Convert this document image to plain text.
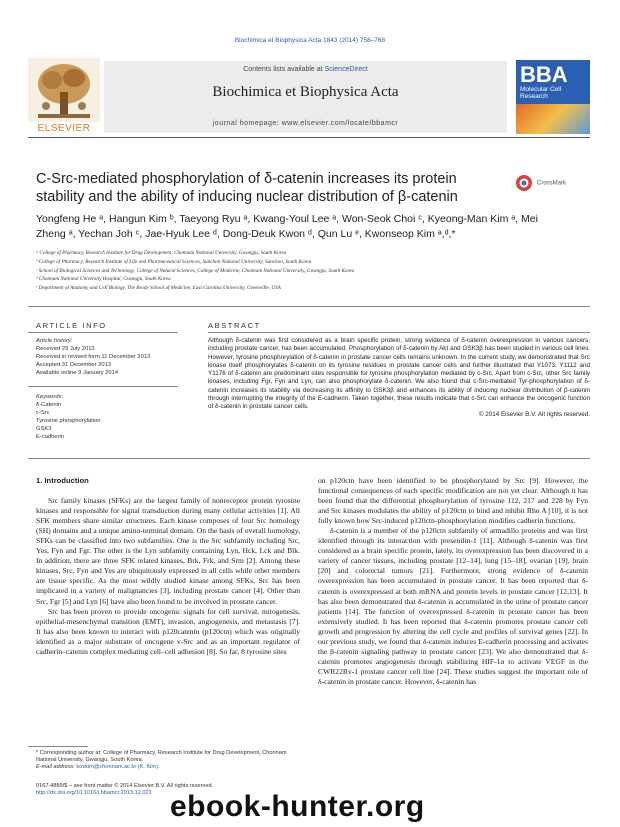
Biochimica et Biophysica Acta 1843 (2014) 758–768
ELSEVIER
Contents lists available at ScienceDirect
Biochimica et Biophysica Acta
journal homepage: www.elsevier.com/locate/bbamcr
BBA
Molecular Cell Research
C-Src-mediated phosphorylation of δ-catenin increases its protein stability and the ability of inducing nuclear distribution of β-catenin
CrossMark
Yongfeng He ᵃ, Hangun Kim ᵇ, Taeyong Ryu ᵃ, Kwang-Youl Lee ᵃ, Won-Seok Choi ᶜ, Kyeong-Man Kim ᵃ, Mei Zheng ᵃ, Yechan Joh ᶜ, Jae-Hyuk Lee ᵈ, Dong-Deuk Kwon ᵈ, Qun Lu ᵉ, Kwonseop Kim ᵃ,ᵈ,*
ᵃ College of Pharmacy, Research Institute for Drug Development, Chonnam National University, Gwangju, South Korea
ᵇ College of Pharmacy, Research Institute of Life and Pharmaceutical Sciences, Sunchon National University, Sunchon, South Korea
ᶜ School of Biological Sciences and Technology, College of Natural Sciences, College of Medicine, Chonnam National University, Gwangju, South Korea
ᵈ Chonnam National University Hospital, Gwangju, South Korea
ᵉ Department of Anatomy and Cell Biology, The Brody School of Medicine, East Carolina University, Greenville, USA
ARTICLE INFO	ABSTRACT
Article history:
Received 29 July 2013
Received in revised form 11 December 2013
Accepted 31 December 2013
Available online 9 January 2014
Keywords:
δ-Catenin
c-Src
Tyrosine phosphorylation
GSK3
E-cadherin
Although δ-catenin was first considered as a brain specific protein, strong evidence of δ-catenin overexpression in various cancers, including prostate cancer, has been accumulated. Phosphorylation of δ-catenin by Akt and GSK3β has been studied in various cell lines. However, tyrosine phosphorylation of δ-catenin in prostate cancer cells remains unknown. In the current study, we demonstrated that Src kinase itself phosphorylates δ-catenin on its tyrosine residues in prostate cancer cells and further illustrated that Y1073, Y1112 and Y1176 of δ-catenin are predominant sites responsible for tyrosine phosphorylation mediated by c-Src. Apart from c-Src, other Src family kinases, including Fgr, Fyn and Lyn, can also phosphorylate δ-catenin. We also found that c-Src-mediated Tyr-phosphorylation of δ-catenin increases its stability via decreasing its affinity to GSK3β and enhances its ability of inducing nuclear distribution of β-catenin through interrupting the integrity of the E-cadherin. Taken together, these results indicate that c-Src can enhance the oncogenic function of δ-catenin in prostate cancer cells.
© 2014 Elsevier B.V. All rights reserved.
1. Introduction

Src family kinases (SFKs) are the largest family of nonreceptor protein tyrosine kinases and responsible for signal transduction during many cellular activities [1]. All SFK members share similar structures. Each kinase composes of four Src homology (SH) domains and a unique amino-terminal domain. On the basis of overall homology, SFKs can be classified into two subfamilies. One is the Src subfamily including Src, Yes, Fyn and Fgr. The other is the Lyn subfamily containing Lyn, Hck, Lck and Blk. In addition, there are three SFK related kinases, Brk, Frk, and Srm [2]. Among these kinases, Src, Fyn and Yes are ubiquitously expressed in all cells while other members are tissue specific. As the most wildly studied kinase among SFKs, Src has been implicated in a variety of malignancies [3], including prostate cancer [4]. Other than Src, Fgr [5] and Lyn [6] have also been found to be involved in prostate cancer.

Src has been proven to provide oncogenic signals for cell survival, mitogenesis, epithelial-mesenchymal transition (EMT), invasion, angiogenesis, and metastasis [7]. It has also been known to interact with p120catenin (p120ctn) which was originally identified as a major substrate of oncogene v-Src and as an important regulator of cadherin–catenin complex mediating cell–cell adhesion [8]. So far, 8 tyrosine sites

on p120ctn have been identified to be phosphorylated by Src [9]. However, the functional consequences of each specific modification are not yet clear. Although it has been found that the differential phosphorylation of tyrosine 112, 217 and 228 by Fyn and Src kinases modulates the ability of p120ctn to bind and inhibit Rho A [10], it is not fully known how Src-induced p120ctn-phosphorylation modifies cadherin functions.

δ-catenin is a member of the p120ctn subfamily of armadillo proteins and was first identified through its interaction with presenilin-1 [11]. Although δ-catenin was first considered as a brain specific protein, lately, its overexpression has been discovered in a variety of cancer tissues, including prostate [12–14], lung [15–18], ovarian [19], brain [20] and colorectal tumors [21]. Furthermore, strong evidence of δ-catenin overexpression has been accumulated in prostate cancer. It has been reported that δ-catenin is overexpressed at both mRNA and protein levels in prostate cancer [12,13]. It has also been demonstrated that δ-catenin is accumulated in the urine of prostate cancer patients [14]. The function of overexpressed δ-catenin in prostate cancer has been extensively studied. It has been reported that δ-catenin promotes prostate cancer cell growth and progression by altering the cell cycle and profiles of survival genes [22]. In our previous study, we found that δ-catenin induces E-cadherin processing and activates the β-catenin signaling pathway in prostate cancer [23]. We also demonstrated that δ-catenin promotes angiogenesis through stabilizing HIF-1α to activate VEGF in the CWR22Rv-1 prostate cancer cell line [24]. These studies suggest the important role of δ-catenin in prostate cancer. However, δ-catenin has

* Corresponding author at: College of Pharmacy, Research Institute for Drug Development, Chonnam National University, Gwangju, South Korea.
E-mail address: koskim@chonnam.ac.kr (K. Kim).
0167-4889/$ – see front matter © 2014 Elsevier B.V. All rights reserved.
http://dx.doi.org/10.1016/j.bbamcr.2013.12.021 ebook-hunter.org
